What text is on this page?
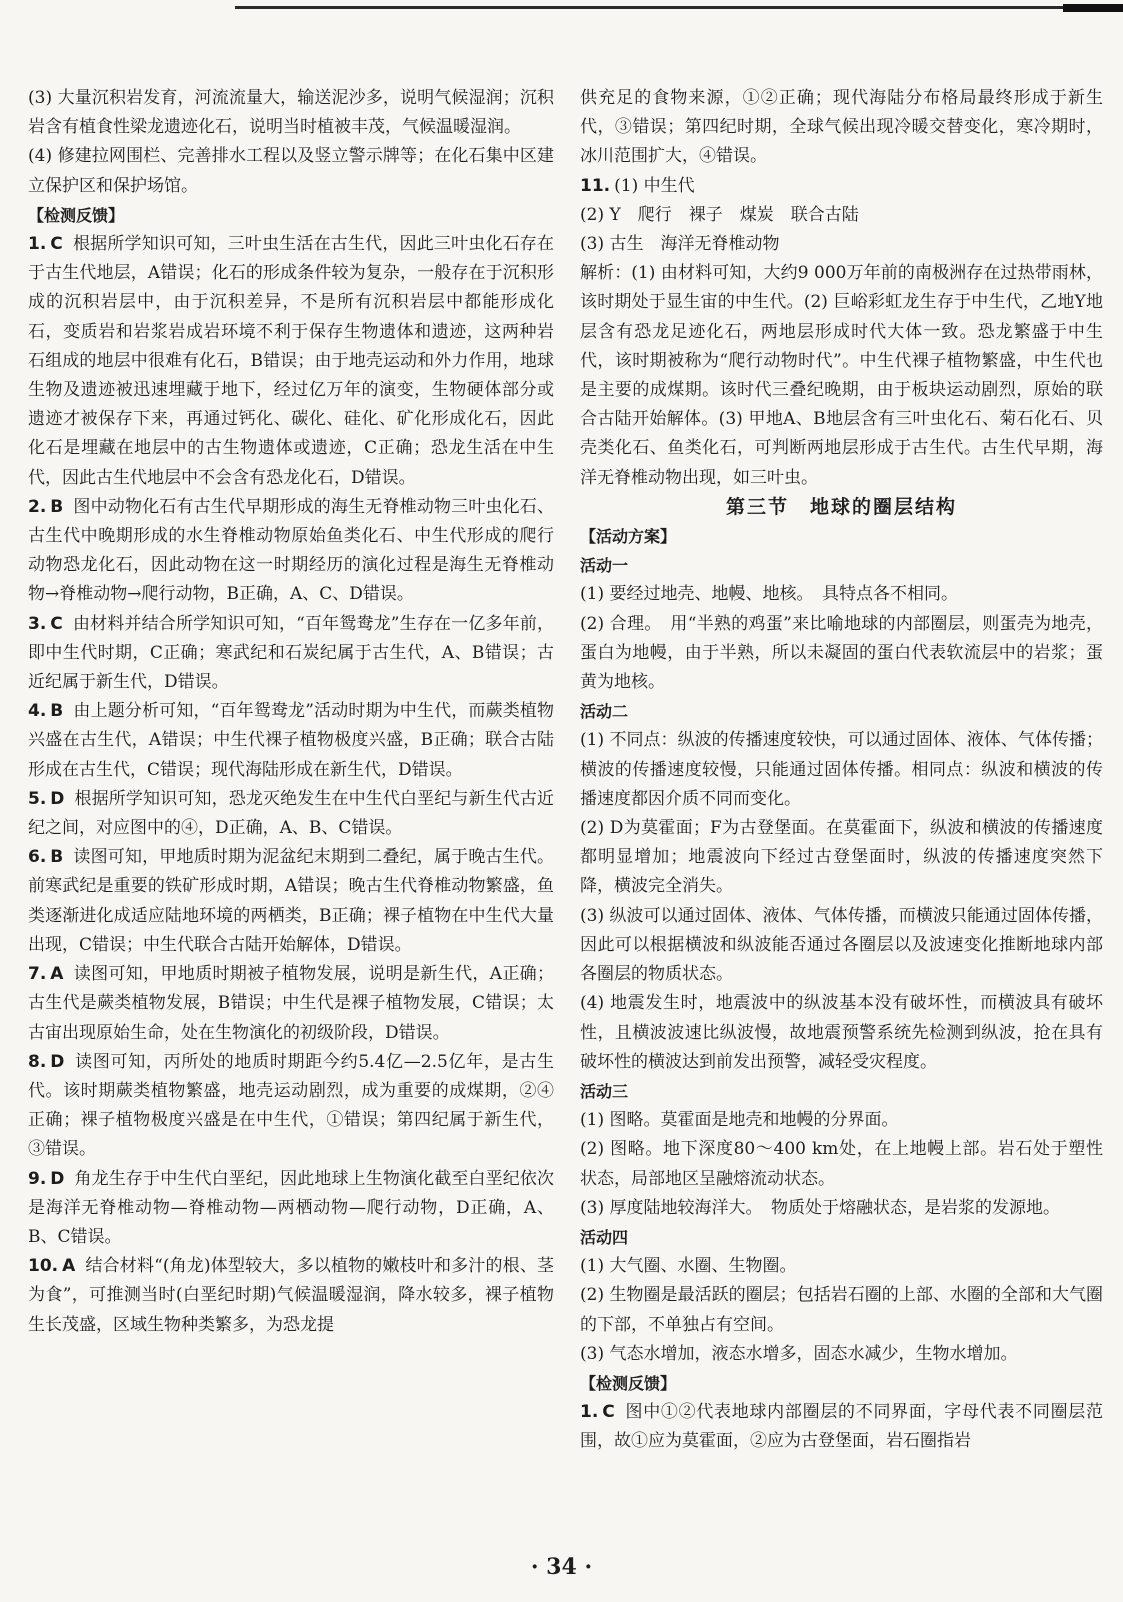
(3) 大量沉积岩发育，河流流量大，输送泥沙多，说明气候湿润；沉积岩含有植食性梁龙遗迹化石，说明当时植被丰茂，气候温暖湿润。

(4) 修建拉网围栏、完善排水工程以及竖立警示牌等；在化石集中区建立保护区和保护场馆。

【检测反馈】

1. C 根据所学知识可知，三叶虫生活在古生代，因此三叶虫化石存在于古生代地层，A错误；化石的形成条件较为复杂，一般存在于沉积形成的沉积岩层中，由于沉积差异，不是所有沉积岩层中都能形成化石，变质岩和岩浆岩成岩环境不利于保存生物遗体和遗迹，这两种岩石组成的地层中很难有化石，B错误；由于地壳运动和外力作用，地球生物及遗迹被迅速埋藏于地下，经过亿万年的演变，生物硬体部分或遗迹才被保存下来，再通过钙化、碳化、硅化、矿化形成化石，因此化石是埋藏在地层中的古生物遗体或遗迹，C正确；恐龙生活在中生代，因此古生代地层中不会含有恐龙化石，D错误。

2. B 图中动物化石有古生代早期形成的海生无脊椎动物三叶虫化石、古生代中晚期形成的水生脊椎动物原始鱼类化石、中生代形成的爬行动物恐龙化石，因此动物在这一时期经历的演化过程是海生无脊椎动物→脊椎动物→爬行动物，B正确，A、C、D错误。

3. C 由材料并结合所学知识可知，“百年鸳鸯龙”生存在一亿多年前，即中生代时期，C正确；寒武纪和石炭纪属于古生代，A、B错误；古近纪属于新生代，D错误。

4. B 由上题分析可知，“百年鸳鸯龙”活动时期为中生代，而蕨类植物兴盛在古生代，A错误；中生代裸子植物极度兴盛，B正确；联合古陆形成在古生代，C错误；现代海陆形成在新生代，D错误。

5. D 根据所学知识可知，恐龙灭绝发生在中生代白垩纪与新生代古近纪之间，对应图中的④，D正确，A、B、C错误。

6. B 读图可知，甲地质时期为泥盆纪末期到二叠纪，属于晚古生代。前寒武纪是重要的铁矿形成时期，A错误；晚古生代脊椎动物繁盛，鱼类逐渐进化成适应陆地环境的两栖类，B正确；裸子植物在中生代大量出现，C错误；中生代联合古陆开始解体，D错误。

7. A 读图可知，甲地质时期被子植物发展，说明是新生代，A正确；古生代是蕨类植物发展，B错误；中生代是裸子植物发展，C错误；太古宙出现原始生命，处在生物演化的初级阶段，D错误。

8. D 读图可知，丙所处的地质时期距今约5.4亿—2.5亿年，是古生代。该时期蕨类植物繁盛，地壳运动剧烈，成为重要的成煤期，②④正确；裸子植物极度兴盛是在中生代，①错误；第四纪属于新生代，③错误。

9. D 角龙生存于中生代白垩纪，因此地球上生物演化截至白垩纪依次是海洋无脊椎动物—脊椎动物—两栖动物—爬行动物，D正确，A、B、C错误。

10. A 结合材料“(角龙)体型较大，多以植物的嫩枝叶和多汁的根、茎为食”，可推测当时(白垩纪时期)气候温暖湿润，降水较多，裸子植物生长茂盛，区域生物种类繁多，为恐龙提

供充足的食物来源，①②正确；现代海陆分布格局最终形成于新生代，③错误；第四纪时期，全球气候出现冷暖交替变化，寒冷期时，冰川范围扩大，④错误。

11. (1) 中生代

(2) Y　爬行　裸子　煤炭　联合古陆

(3) 古生　海洋无脊椎动物

解析：(1) 由材料可知，大约9 000万年前的南极洲存在过热带雨林，该时期处于显生宙的中生代。(2) 巨峪彩虹龙生存于中生代，乙地Y地层含有恐龙足迹化石，两地层形成时代大体一致。恐龙繁盛于中生代，该时期被称为“爬行动物时代”。中生代裸子植物繁盛，中生代也是主要的成煤期。该时代三叠纪晚期，由于板块运动剧烈，原始的联合古陆开始解体。(3) 甲地A、B地层含有三叶虫化石、菊石化石、贝壳类化石、鱼类化石，可判断两地层形成于古生代。古生代早期，海洋无脊椎动物出现，如三叶虫。

第三节　地球的圈层结构

【活动方案】

活动一

(1) 要经过地壳、地幔、地核。　具特点各不相同。

(2) 合理。　用“半熟的鸡蛋”来比喻地球的内部圈层，则蛋壳为地壳，蛋白为地幔，由于半熟，所以未凝固的蛋白代表软流层中的岩浆；蛋黄为地核。

活动二

(1) 不同点：纵波的传播速度较快，可以通过固体、液体、气体传播；横波的传播速度较慢，只能通过固体传播。相同点：纵波和横波的传播速度都因介质不同而变化。

(2) D为莫霍面；F为古登堡面。在莫霍面下，纵波和横波的传播速度都明显增加；地震波向下经过古登堡面时，纵波的传播速度突然下降，横波完全消失。

(3) 纵波可以通过固体、液体、气体传播，而横波只能通过固体传播，因此可以根据横波和纵波能否通过各圈层以及波速变化推断地球内部各圈层的物质状态。

(4) 地震发生时，地震波中的纵波基本没有破坏性，而横波具有破坏性，且横波波速比纵波慢，故地震预警系统先检测到纵波，抢在具有破坏性的横波达到前发出预警，减轻受灾程度。

活动三

(1) 图略。莫霍面是地壳和地幔的分界面。

(2) 图略。地下深度80～400 km处，在上地幔上部。岩石处于塑性状态，局部地区呈融熔流动状态。

(3) 厚度陆地较海洋大。　物质处于熔融状态，是岩浆的发源地。

活动四

(1) 大气圈、水圈、生物圈。

(2) 生物圈是最活跃的圈层；包括岩石圈的上部、水圈的全部和大气圈的下部，不单独占有空间。

(3) 气态水增加，液态水增多，固态水减少，生物水增加。

【检测反馈】

1. C 图中①②代表地球内部圈层的不同界面，字母代表不同圈层范围，故①应为莫霍面，②应为古登堡面，岩石圈指岩

· 34 ·
